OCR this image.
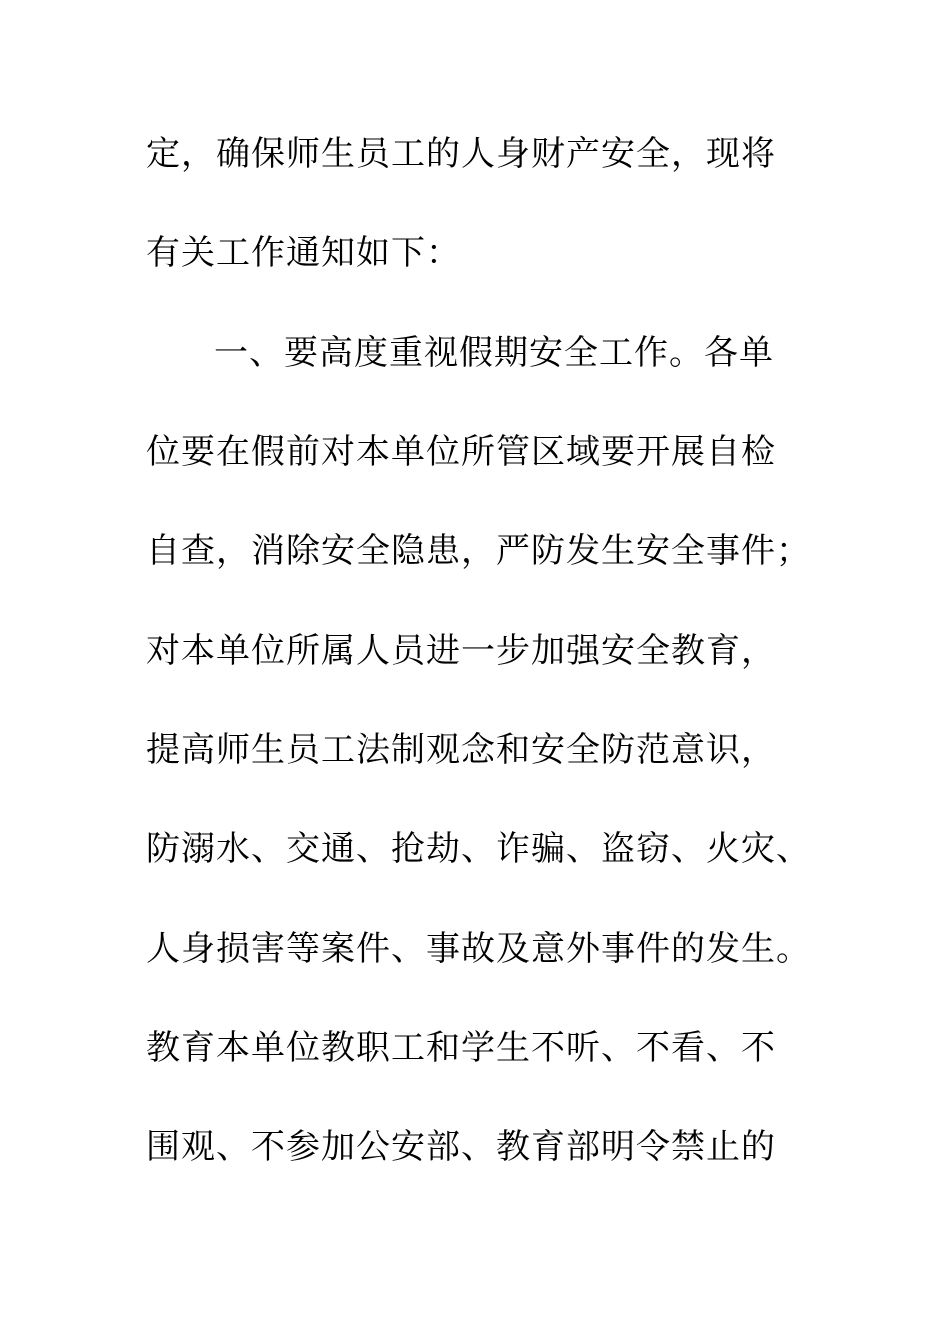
定，确保师生员工的人身财产安全，现将
有关工作通知如下：
一、要高度重视假期安全工作。各单
位要在假前对本单位所管区域要开展自检
自查，消除安全隐患，严防发生安全事件；
对本单位所属人员进一步加强安全教育，
提高师生员工法制观念和安全防范意识，
防溺水、交通、抢劫、诈骗、盗窃、火灾、
人身损害等案件、事故及意外事件的发生。
教育本单位教职工和学生不听、不看、不
围观、不参加公安部、教育部明令禁止的
